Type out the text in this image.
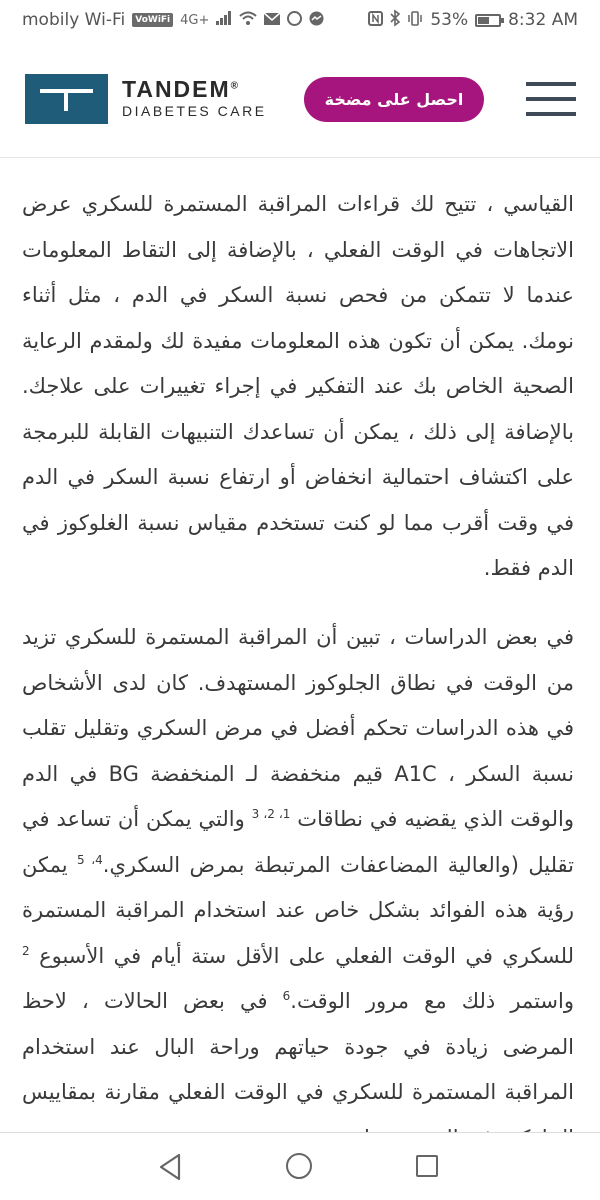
mobily Wi-Fi	VoWiFi 4G+	53% 8:32 AM
TANDEM®
DIABETES CARE
احصل على مضخة

القياسي ، تتيح لك قراءات المراقبة المستمرة للسكري عرض الاتجاهات في الوقت الفعلي ، بالإضافة إلى التقاط المعلومات عندما لا تتمكن من فحص نسبة السكر في الدم ، مثل أثناء نومك. يمكن أن تكون هذه المعلومات مفيدة لك ولمقدم الرعاية الصحية الخاص بك عند التفكير في إجراء تغييرات على علاجك. بالإضافة إلى ذلك ، يمكن أن تساعدك التنبيهات القابلة للبرمجة على اكتشاف احتمالية انخفاض أو ارتفاع نسبة السكر في الدم في وقت أقرب مما لو كنت تستخدم مقياس نسبة الغلوكوز في الدم فقط.

في بعض الدراسات ، تبين أن المراقبة المستمرة للسكري تزيد من الوقت في نطاق الجلوكوز المستهدف. كان لدى الأشخاص في هذه الدراسات تحكم أفضل في مرض السكري وتقليل تقلب نسبة السكر ، A1C قيم منخفضة لـ المنخفضة BG في الدم والوقت الذي يقضيه في نطاقات $^{1، 2، 3}$ والتي يمكن أن تساعد في تقليل (والعالية المضاعفات المرتبطة بمرض السكري.$^{4، 5}$ يمكن رؤية هذه الفوائد بشكل خاص عند استخدام المراقبة المستمرة للسكري في الوقت الفعلي على الأقل ستة أيام في الأسبوع $^2$ واستمر ذلك مع مرور الوقت.$^6$ في بعض الحالات ، لاحظ المرضى زيادة في جودة حياتهم وراحة البال عند استخدام المراقبة المستمرة للسكري في الوقت الفعلي مقارنة بمقاييس
